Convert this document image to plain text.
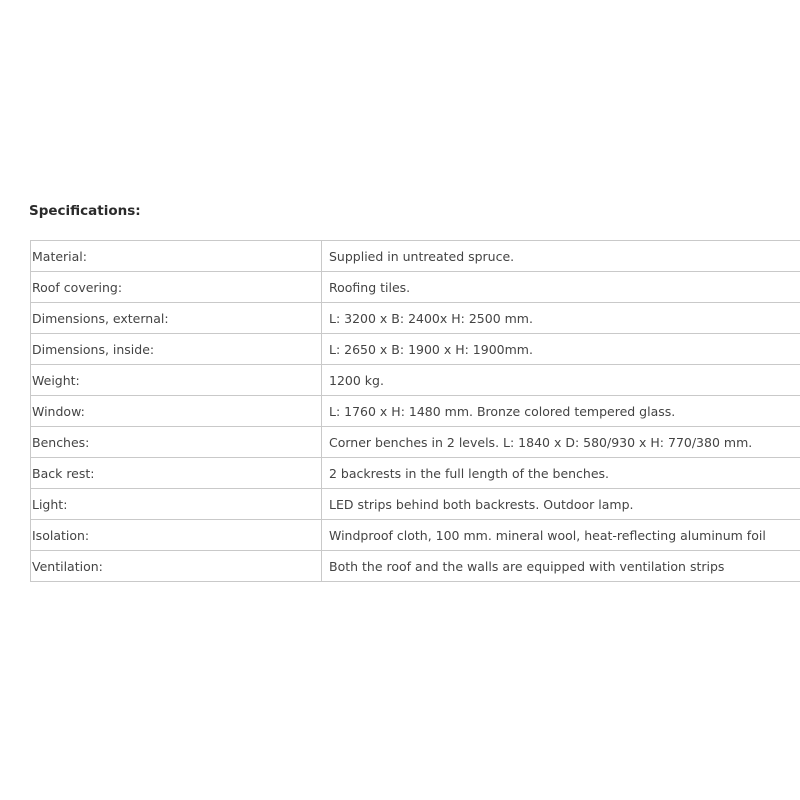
Specifications:
Material:	Supplied in untreated spruce.
Roof covering:	Roofing tiles.
Dimensions, external:	L: 3200 x B: 2400x H: 2500 mm.
Dimensions, inside:	L: 2650 x B: 1900 x H: 1900mm.
Weight:	1200 kg.
Window:	L: 1760 x H: 1480 mm. Bronze colored tempered glass.
Benches:	Corner benches in 2 levels. L: 1840 x D: 580/930 x H: 770/380 mm.
Back rest:	2 backrests in the full length of the benches.
Light:	LED strips behind both backrests. Outdoor lamp.
Isolation:	Windproof cloth, 100 mm. mineral wool, heat-reflecting aluminum foil
Ventilation:	Both the roof and the walls are equipped with ventilation strips
